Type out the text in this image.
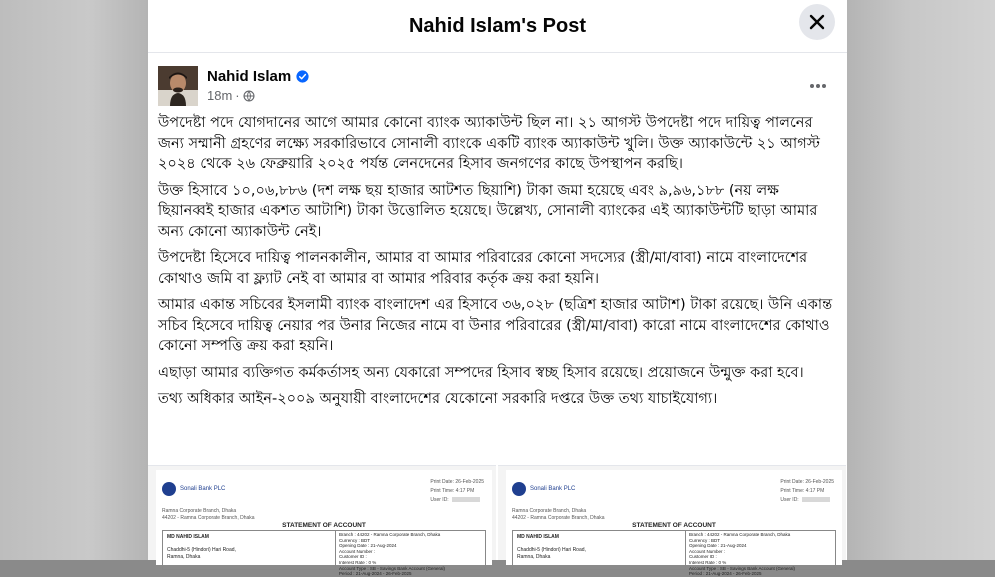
Nahid Islam's Post
Nahid Islam
18m ·

উপদেষ্টা পদে যোগদানের আগে আমার কোনো ব্যাংক অ্যাকাউন্ট ছিল না। ২১ আগস্ট উপদেষ্টা পদে দায়িত্ব পালনের জন্য সম্মানী গ্রহণের লক্ষ্যে সরকারিভাবে সোনালী ব্যাংকে একটি ব্যাংক অ্যাকাউন্ট খুলি। উক্ত অ্যাকাউন্টে ২১ আগস্ট ২০২৪ থেকে ২৬ ফেব্রুয়ারি ২০২৫ পর্যন্ত লেনদেনের হিসাব জনগণের কাছে উপস্থাপন করছি।

উক্ত হিসাবে ১০,০৬,৮৮৬ (দশ লক্ষ ছয় হাজার আটশত ছিয়াশি) টাকা জমা হয়েছে এবং ৯,৯৬,১৮৮ (নয় লক্ষ ছিয়ানব্বই হাজার একশত আটাশি) টাকা উত্তোলিত হয়েছে। উল্লেখ্য, সোনালী ব্যাংকের এই অ্যাকাউন্টটি ছাড়া আমার অন্য কোনো অ্যাকাউন্ট নেই।

উপদেষ্টা হিসেবে দায়িত্ব পালনকালীন, আমার বা আমার পরিবারের কোনো সদস্যের (স্ত্রী/মা/বাবা) নামে বাংলাদেশের কোথাও জমি বা ফ্ল্যাট নেই বা আমার বা আমার পরিবার কর্তৃক ক্রয় করা হয়নি।

আমার একান্ত সচিবের ইসলামী ব্যাংক বাংলাদেশ এর হিসাবে ৩৬,০২৮ (ছত্রিশ হাজার আটাশ) টাকা রয়েছে। উনি একান্ত সচিব হিসেবে দায়িত্ব নেয়ার পর উনার নিজের নামে বা উনার পরিবারের (স্ত্রী/মা/বাবা) কারো নামে বাংলাদেশের কোথাও কোনো সম্পত্তি ক্রয় করা হয়নি।

এছাড়া আমার ব্যক্তিগত কর্মকর্তাসহ অন্য যেকারো সম্পদের হিসাব স্বচ্ছ হিসাব রয়েছে। প্রয়োজনে উন্মুক্ত করা হবে।

তথ্য অধিকার আইন-২০০৯ অনুযায়ী বাংলাদেশের যেকোনো সরকারি দপ্তরে উক্ত তথ্য যাচাইযোগ্য।

Sonali Bank PLC
Ramna Corporate Branch, Dhaka
44202 - Ramna Corporate Branch, Dhaka
Print Date: 26-Feb-2025
Print Time: 4:17 PM
User ID:
STATEMENT OF ACCOUNT
MD NAHID ISLAM
Chaddhi-5 (Hindori) Hari Road,
Ramna, Dhaka
Branch : 44202 - Ramna Corporate Branch, Dhaka
Currency : BDT
Opening Date : 21-Aug-2024
Account Number :
Customer ID :
Interest Rate : 0 %
Account Type : SB - Savings Bank Account (General)
Period : 21-Aug-2024 - 26-Feb-2025
Sonali Bank PLC
Ramna Corporate Branch, Dhaka
44202 - Ramna Corporate Branch, Dhaka
Print Date: 26-Feb-2025
Print Time: 4:17 PM
User ID:
STATEMENT OF ACCOUNT
MD NAHID ISLAM
Chaddhi-5 (Hindori) Hari Road,
Ramna, Dhaka
Branch : 44202 - Ramna Corporate Branch, Dhaka
Currency : BDT
Opening Date : 21-Aug-2024
Account Number :
Customer ID :
Interest Rate : 0 %
Account Type : SB - Savings Bank Account (General)
Period : 21-Aug-2024 - 26-Feb-2025
